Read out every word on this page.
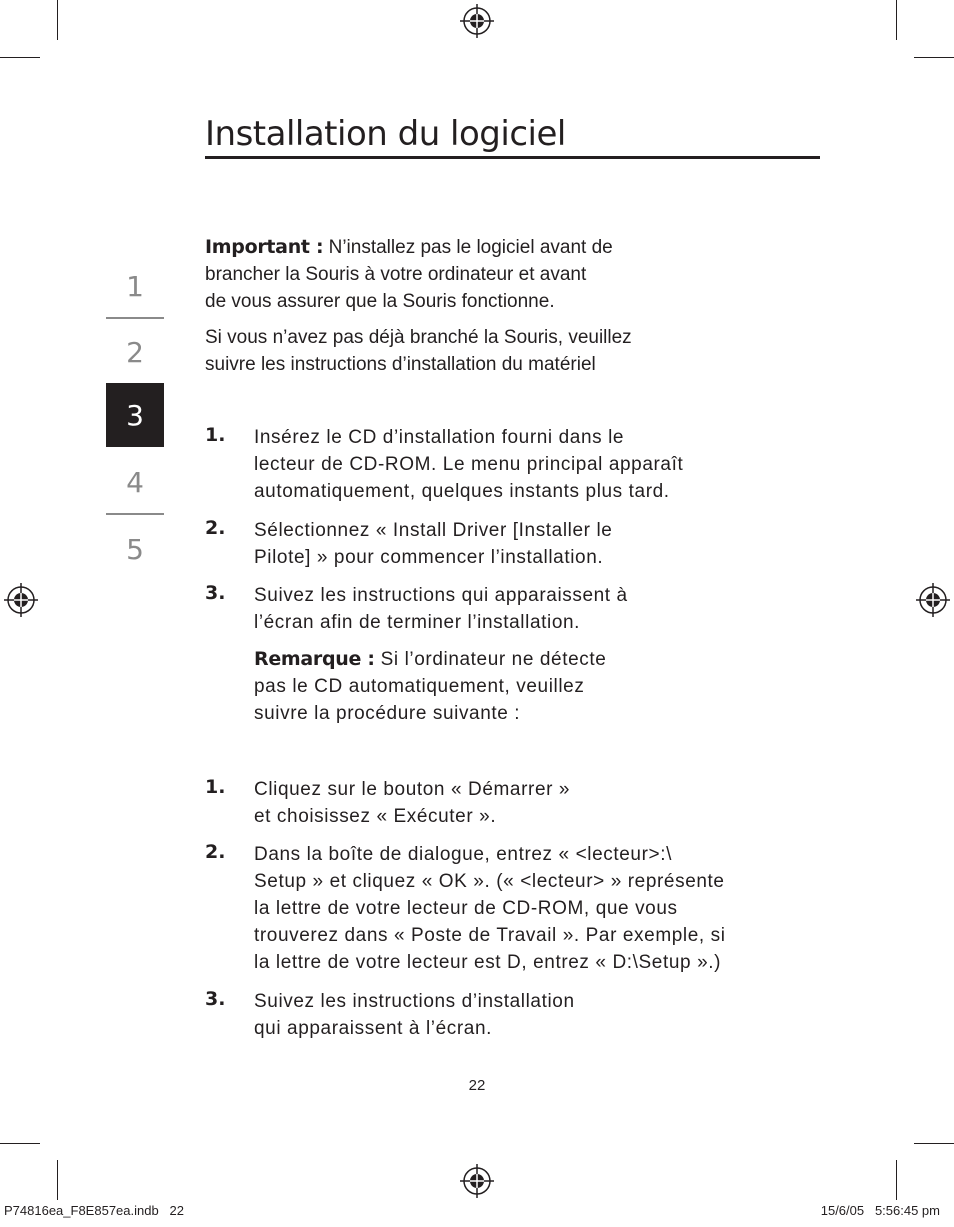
Installation du logiciel
1
2
3
4
5

Important : N’installez pas le logiciel avant de

brancher la Souris à votre ordinateur et avant

de vous assurer que la Souris fonctionne.

Si vous n’avez pas déjà branché la Souris, veuillez

suivre les instructions d’installation du matériel

1. Insérez le CD d’installation fourni dans le

lecteur de CD-ROM. Le menu principal apparaît

automatiquement, quelques instants plus tard.

2. Sélectionnez « Install Driver [Installer le

Pilote] » pour commencer l’installation.

3. Suivez les instructions qui apparaissent à

l’écran afin de terminer l’installation.

Remarque : Si l’ordinateur ne détecte

pas le CD automatiquement, veuillez

suivre la procédure suivante :

1. Cliquez sur le bouton « Démarrer »

et choisissez « Exécuter ».

2. Dans la boîte de dialogue, entrez « <lecteur>:\

Setup » et cliquez « OK ». (« <lecteur> » représente

la lettre de votre lecteur de CD-ROM, que vous

trouverez dans « Poste de Travail ». Par exemple, si

la lettre de votre lecteur est D, entrez « D:\Setup ».)

3. Suivez les instructions d’installation

qui apparaissent à l’écran.

22
P74816ea_F8E857ea.indb   22	15/6/05   5:56:45 pm
